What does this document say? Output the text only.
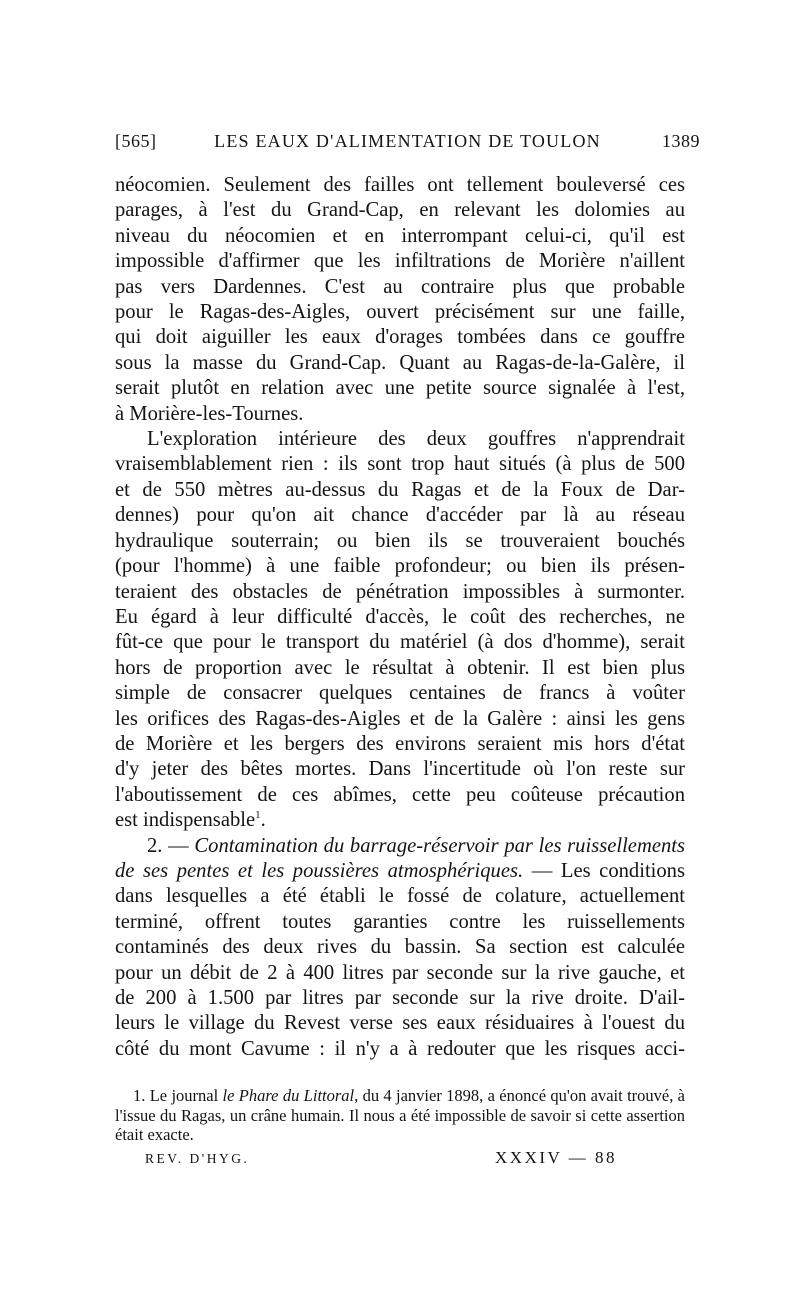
[565]	LES EAUX D'ALIMENTATION DE TOULON	1389

néocomien. Seulement des failles ont tellement bouleversé ces
parages, à l'est du Grand-Cap, en relevant les dolomies au
niveau du néocomien et en interrompant celui-ci, qu'il est
impossible d'affirmer que les infiltrations de Morière n'aillent
pas vers Dardennes. C'est au contraire plus que probable
pour le Ragas-des-Aigles, ouvert précisément sur une faille,
qui doit aiguiller les eaux d'orages tombées dans ce gouffre
sous la masse du Grand-Cap. Quant au Ragas-de-la-Galère, il
serait plutôt en relation avec une petite source signalée à l'est,
à Morière-les-Tournes.

L'exploration intérieure des deux gouffres n'apprendrait
vraisemblablement rien : ils sont trop haut situés (à plus de 500
et de 550 mètres au-dessus du Ragas et de la Foux de Dar-
dennes) pour qu'on ait chance d'accéder par là au réseau
hydraulique souterrain; ou bien ils se trouveraient bouchés
(pour l'homme) à une faible profondeur; ou bien ils présen-
teraient des obstacles de pénétration impossibles à surmonter.
Eu égard à leur difficulté d'accès, le coût des recherches, ne
fût-ce que pour le transport du matériel (à dos d'homme), serait
hors de proportion avec le résultat à obtenir. Il est bien plus
simple de consacrer quelques centaines de francs à voûter
les orifices des Ragas-des-Aigles et de la Galère : ainsi les gens
de Morière et les bergers des environs seraient mis hors d'état
d'y jeter des bêtes mortes. Dans l'incertitude où l'on reste sur
l'aboutissement de ces abîmes, cette peu coûteuse précaution
est indispensable$^1$.

2. — Contamination du barrage-réservoir par les ruissellements
de ses pentes et les poussières atmosphériques. — Les conditions
dans lesquelles a été établi le fossé de colature, actuellement
terminé, offrent toutes garanties contre les ruissellements
contaminés des deux rives du bassin. Sa section est calculée
pour un débit de 2 à 400 litres par seconde sur la rive gauche, et
de 200 à 1.500 par litres par seconde sur la rive droite. D'ail-
leurs le village du Revest verse ses eaux résiduaires à l'ouest du
côté du mont Cavume : il n'y a à redouter que les risques acci-

1. Le journal le Phare du Littoral, du 4 janvier 1898, a énoncé qu'on avait trouvé, à l'issue du Ragas, un crâne humain. Il nous a été impossible de savoir si cette assertion était exacte.
REV. D'HYG.	XXXIV — 88
